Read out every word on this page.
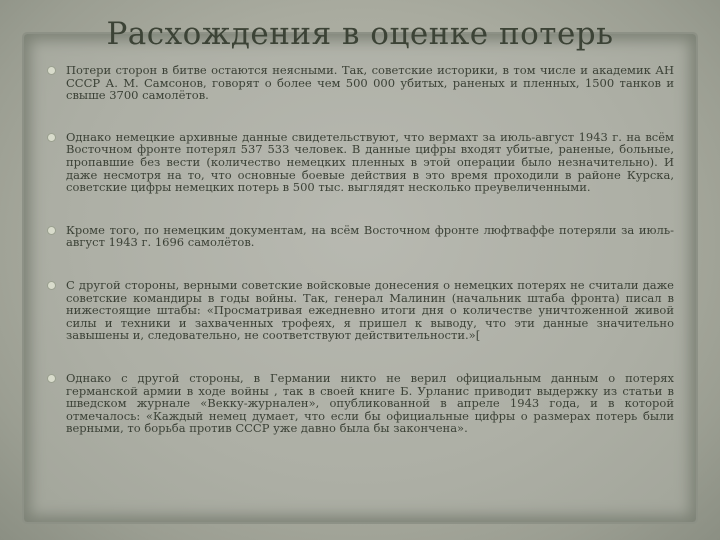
Расхождения в оценке потерь
Потери сторон в битве остаются неясными. Так, советские историки, в том числе и академик АН СССР А. М. Самсонов, говорят о более чем 500 000 убитых, раненых и пленных, 1500 танков и свыше 3700 самолётов.
Однако немецкие архивные данные свидетельствуют, что вермахт за июль-август 1943 г. на всём Восточном фронте потерял 537 533 человек. В данные цифры входят убитые, раненые, больные, пропавшие без вести (количество немецких пленных в этой операции было незначительно). И даже несмотря на то, что основные боевые действия в это время проходили в районе Курска, советские цифры немецких потерь в 500 тыс. выглядят несколько преувеличенными.
Кроме того, по немецким документам, на всём Восточном фронте люфтваффе потеряли за июль-август 1943 г. 1696 самолётов.
С другой стороны, верными советские войсковые донесения о немецких потерях не считали даже советские командиры в годы войны. Так, генерал Малинин (начальник штаба фронта) писал в нижестоящие штабы: «Просматривая ежедневно итоги дня о количестве уничтоженной живой силы и техники и захваченных трофеях, я пришел к выводу, что эти данные значительно завышены и, следовательно, не соответствуют действительности.»[
Однако с другой стороны, в Германии никто не верил официальным данным о потерях германской армии в ходе войны , так в своей книге Б. Урланис приводит выдержку из статьи в шведском журнале «Векку-журнален», опубликованной в апреле 1943 года, и в которой отмечалось: «Каждый немец думает, что если бы официальные цифры о размерах потерь были верными, то борьба против СССР уже давно была бы закончена».
